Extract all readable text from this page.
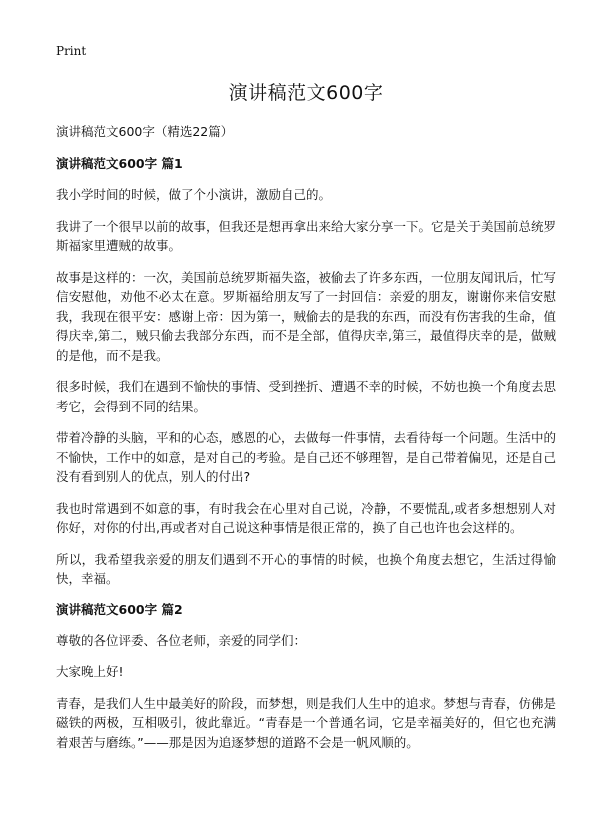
Print
演讲稿范文600字

演讲稿范文600字（精选22篇）

演讲稿范文600字 篇1

我小学时间的时候，做了个小演讲，激励自己的。

我讲了一个很早以前的故事，但我还是想再拿出来给大家分享一下。它是关于美国前总统罗斯福家里遭贼的故事。

故事是这样的：一次，美国前总统罗斯福失盗，被偷去了许多东西，一位朋友闻讯后，忙写信安慰他，劝他不必太在意。罗斯福给朋友写了一封回信：亲爱的朋友，谢谢你来信安慰我，我现在很平安：感谢上帝：因为第一，贼偷去的是我的东西，而没有伤害我的生命，值得庆幸,第二，贼只偷去我部分东西，而不是全部，值得庆幸,第三，最值得庆幸的是，做贼的是他，而不是我。

很多时候，我们在遇到不愉快的事情、受到挫折、遭遇不幸的时候，不妨也换一个角度去思考它，会得到不同的结果。

带着冷静的头脑，平和的心态，感恩的心，去做每一件事情，去看待每一个问题。生活中的不愉快，工作中的如意，是对自己的考验。是自己还不够理智，是自己带着偏见，还是自己没有看到别人的优点，别人的付出?

我也时常遇到不如意的事，有时我会在心里对自己说，冷静，不要慌乱,或者多想想别人对你好，对你的付出,再或者对自己说这种事情是很正常的，换了自己也许也会这样的。

所以，我希望我亲爱的朋友们遇到不开心的事情的时候，也换个角度去想它，生活过得愉快，幸福。

演讲稿范文600字 篇2

尊敬的各位评委、各位老师，亲爱的同学们：

大家晚上好!

青春，是我们人生中最美好的阶段，而梦想，则是我们人生中的追求。梦想与青春，仿佛是磁铁的两极，互相吸引，彼此靠近。“青春是一个普通名词，它是幸福美好的，但它也充满着艰苦与磨练。”——那是因为追逐梦想的道路不会是一帆风顺的。
